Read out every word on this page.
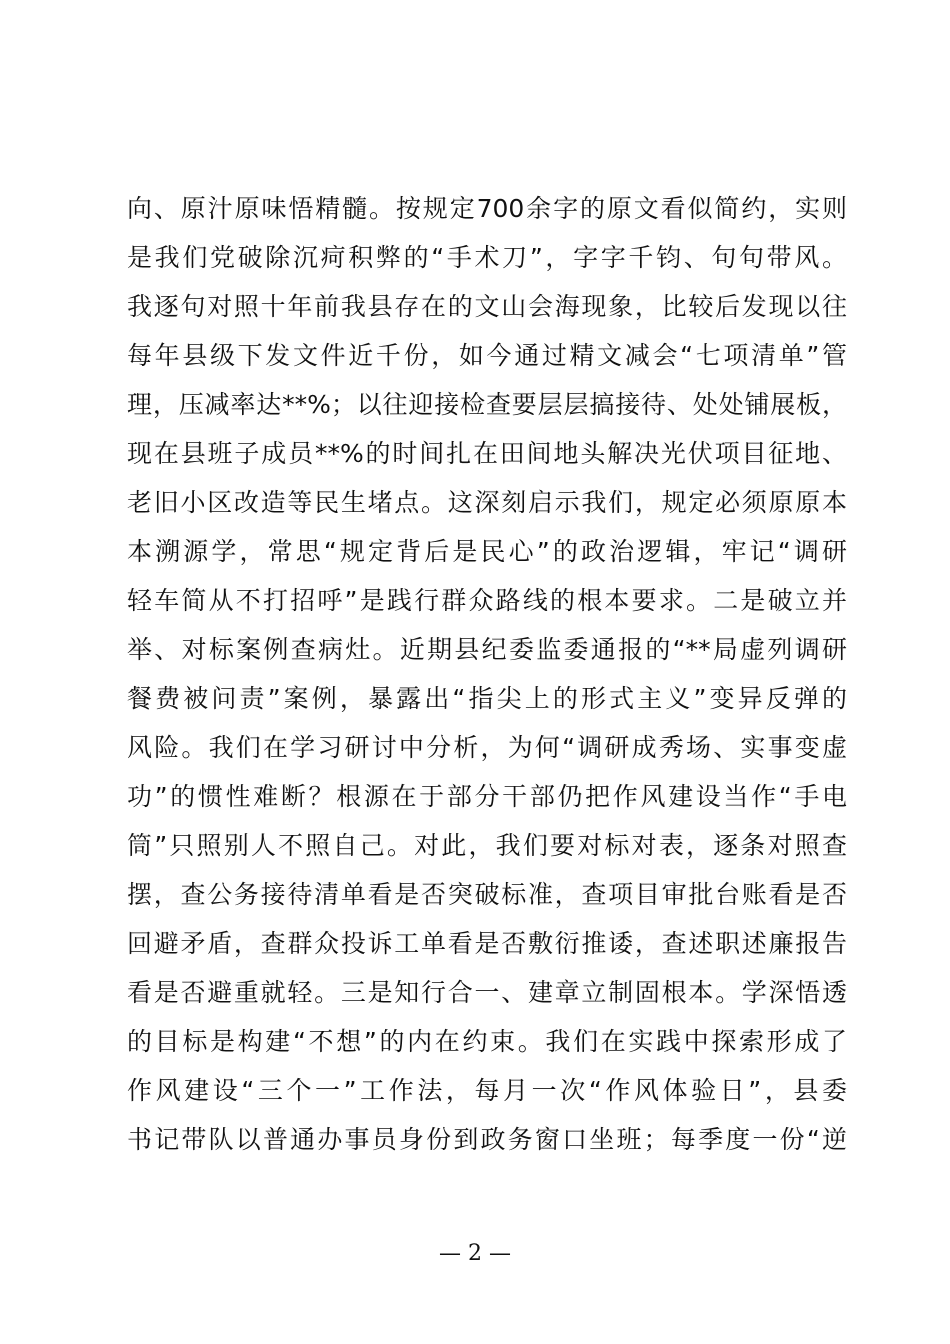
向、原汁原味悟精髓。按规定700余字的原文看似简约，实则
是我们党破除沉疴积弊的“手术刀”，字字千钧、句句带风。
我逐句对照十年前我县存在的文山会海现象，比较后发现以往
每年县级下发文件近千份，如今通过精文减会“七项清单”管
理，压减率达**%；以往迎接检查要层层搞接待、处处铺展板，
现在县班子成员**%的时间扎在田间地头解决光伏项目征地、
老旧小区改造等民生堵点。这深刻启示我们，规定必须原原本
本溯源学，常思“规定背后是民心”的政治逻辑，牢记“调研
轻车简从不打招呼”是践行群众路线的根本要求。二是破立并
举、对标案例查病灶。近期县纪委监委通报的“**局虚列调研
餐费被问责”案例，暴露出“指尖上的形式主义”变异反弹的
风险。我们在学习研讨中分析，为何“调研成秀场、实事变虚
功”的惯性难断？根源在于部分干部仍把作风建设当作“手电
筒”只照别人不照自己。对此，我们要对标对表，逐条对照查
摆，查公务接待清单看是否突破标准，查项目审批台账看是否
回避矛盾，查群众投诉工单看是否敷衍推诿，查述职述廉报告
看是否避重就轻。三是知行合一、建章立制固根本。学深悟透
的目标是构建“不想”的内在约束。我们在实践中探索形成了
作风建设“三个一”工作法，每月一次“作风体验日”，县委
书记带队以普通办事员身份到政务窗口坐班；每季度一份“逆
— 2 —
